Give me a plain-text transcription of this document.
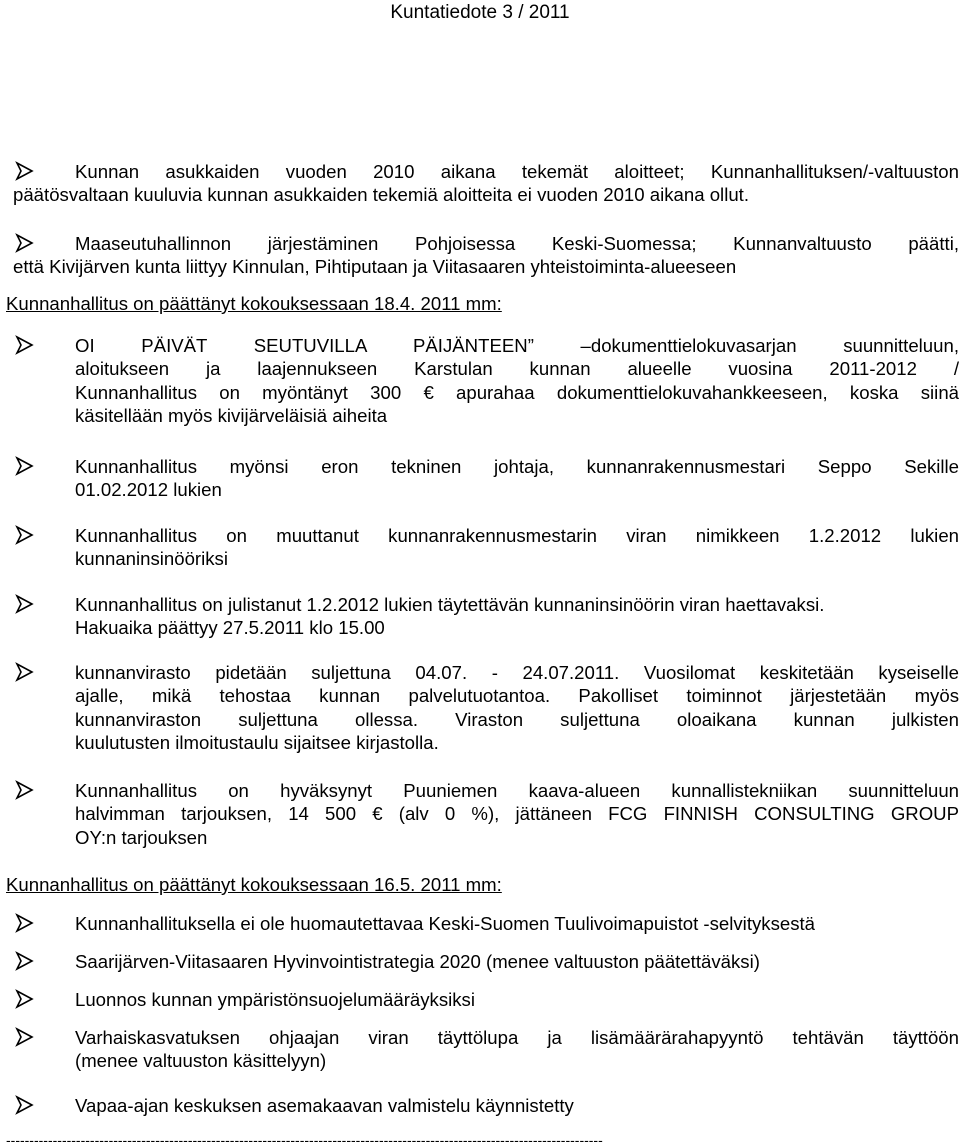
Kuntatiedote 3 / 2011
Kunnan asukkaiden vuoden 2010 aikana tekemät aloitteet; Kunnanhallituksen/-valtuuston
päätösvaltaan kuuluvia kunnan asukkaiden tekemiä aloitteita ei vuoden 2010 aikana ollut.
Maaseutuhallinnon järjestäminen Pohjoisessa Keski-Suomessa; Kunnanvaltuusto päätti,
että Kivijärven kunta liittyy Kinnulan, Pihtiputaan ja Viitasaaren yhteistoiminta-alueeseen
Kunnanhallitus on päättänyt kokouksessaan 18.4. 2011 mm:
OI PÄIVÄT SEUTUVILLA PÄIJÄNTEEN” –dokumenttielokuvasarjan suunnitteluun,
aloitukseen ja laajennukseen Karstulan kunnan alueelle vuosina 2011-2012 /
Kunnanhallitus on myöntänyt 300 € apurahaa dokumenttielokuvahankkeeseen, koska siinä
käsitellään myös kivijärveläisiä aiheita
Kunnanhallitus myönsi eron tekninen johtaja, kunnanrakennusmestari Seppo Sekille
01.02.2012 lukien
Kunnanhallitus on muuttanut kunnanrakennusmestarin viran nimikkeen 1.2.2012 lukien
kunnaninsinööriksi
Kunnanhallitus on julistanut 1.2.2012 lukien täytettävän kunnaninsinöörin viran haettavaksi.
Hakuaika päättyy 27.5.2011 klo 15.00
kunnanvirasto pidetään suljettuna 04.07. - 24.07.2011. Vuosilomat keskitetään kyseiselle
ajalle, mikä tehostaa kunnan palvelutuotantoa. Pakolliset toiminnot järjestetään myös
kunnanviraston suljettuna ollessa. Viraston suljettuna oloaikana kunnan julkisten
kuulutusten ilmoitustaulu sijaitsee kirjastolla.
Kunnanhallitus on hyväksynyt Puuniemen kaava-alueen kunnallistekniikan suunnitteluun
halvimman tarjouksen, 14 500 € (alv 0 %), jättäneen FCG FINNISH CONSULTING GROUP
OY:n tarjouksen
Kunnanhallitus on päättänyt kokouksessaan 16.5. 2011 mm:
Kunnanhallituksella ei ole huomautettavaa Keski-Suomen Tuulivoimapuistot -selvityksestä
Saarijärven-Viitasaaren Hyvinvointistrategia 2020 (menee valtuuston päätettäväksi)
Luonnos kunnan ympäristönsuojelumääräyksiksi
Varhaiskasvatuksen ohjaajan viran täyttölupa ja lisämäärärahapyyntö tehtävän täyttöön
(menee valtuuston käsittelyyn)
Vapaa-ajan keskuksen asemakaavan valmistelu käynnistetty
--------------------------------------------------------------------------------------------------------------------------------
